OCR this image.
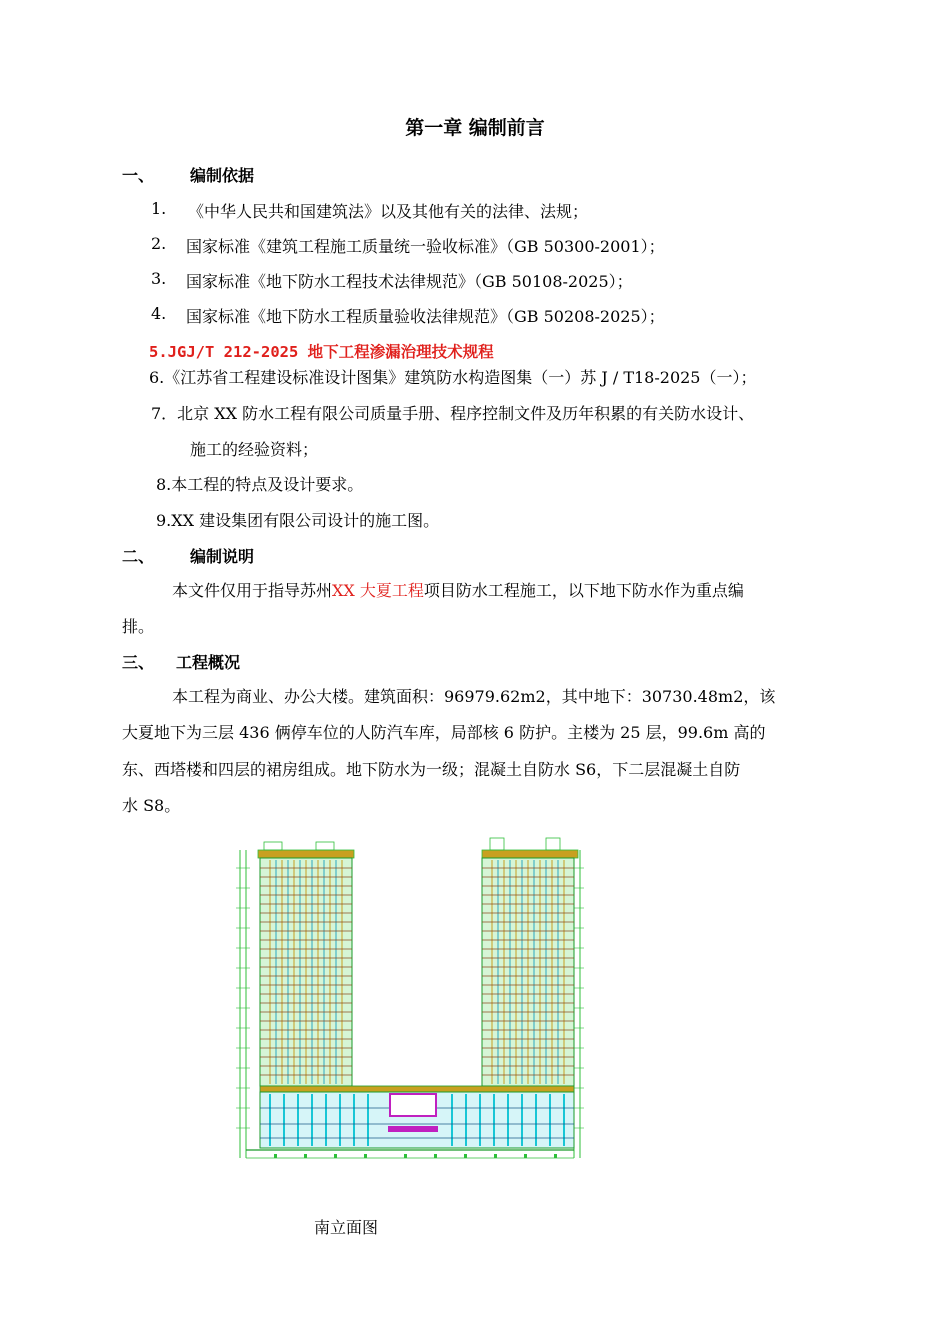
第一章 编制前言
一、 编制依据
1. 《中华人民共和国建筑法》以及其他有关的法律、法规；
2. 国家标准《建筑工程施工质量统一验收标准》（GB 50300-2001）；
3. 国家标准《地下防水工程技术法律规范》（GB 50108-2025）；
4. 国家标准《地下防水工程质量验收法律规范》（GB 50208-2025）；
5.JGJ/T 212-2025 地下工程渗漏治理技术规程
6.《江苏省工程建设标准设计图集》建筑防水构造图集（一）苏 J / T18-2025（一）；
7．北京 XX 防水工程有限公司质量手册、程序控制文件及历年积累的有关防水设计、
施工的经验资料；
8.本工程的特点及设计要求。
9.XX 建设集团有限公司设计的施工图。
二、 编制说明
本文件仅用于指导苏州XX 大夏工程项目防水工程施工，以下地下防水作为重点编
排。
三、 工程概况
本工程为商业、办公大楼。建筑面积：96979.62m2，其中地下：30730.48m2，该
大夏地下为三层 436 俩停车位的人防汽车库，局部核 6 防护。主楼为 25 层，99.6m 高的
东、西塔楼和四层的裙房组成。地下防水为一级；混凝土自防水 S6，下二层混凝土自防
水 S8。
南立面图
